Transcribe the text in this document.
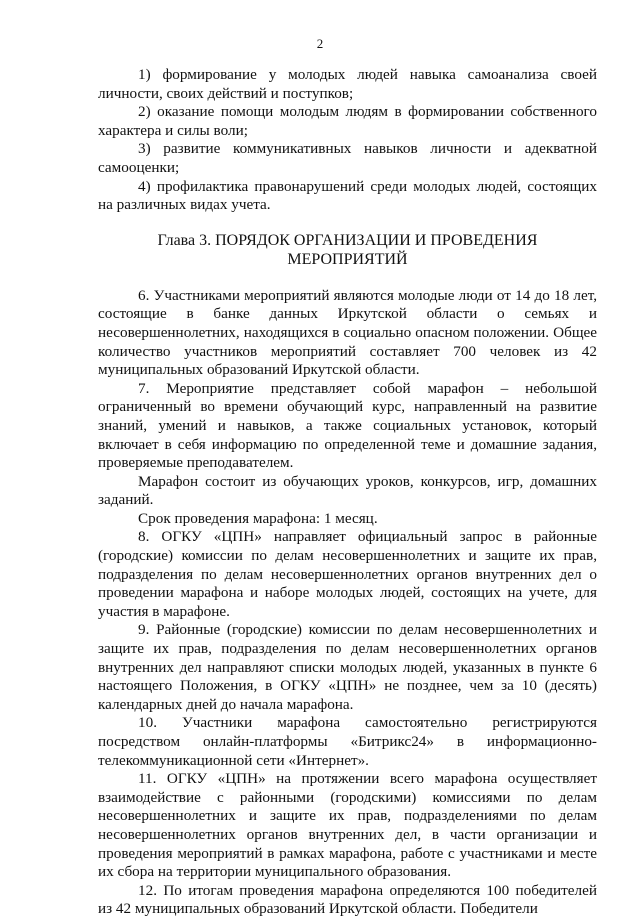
2

1) формирование у молодых людей навыка самоанализа своей личности, своих действий и поступков;

2) оказание помощи молодым людям в формировании собственного характера и силы воли;

3) развитие коммуникативных навыков личности и адекватной самооценки;

4) профилактика правонарушений среди молодых людей, состоящих на различных видах учета.

Глава 3. ПОРЯДОК ОРГАНИЗАЦИИ И ПРОВЕДЕНИЯ МЕРОПРИЯТИЙ

6. Участниками мероприятий являются молодые люди от 14 до 18 лет, состоящие в банке данных Иркутской области о семьях и несовершеннолетних, находящихся в социально опасном положении. Общее количество участников мероприятий составляет 700 человек из 42 муниципальных образований Иркутской области.

7. Мероприятие представляет собой марафон – небольшой ограниченный во времени обучающий курс, направленный на развитие знаний, умений и навыков, а также социальных установок, который включает в себя информацию по определенной теме и домашние задания, проверяемые преподавателем.

Марафон состоит из обучающих уроков, конкурсов, игр, домашних заданий.

Срок проведения марафона: 1 месяц.

8. ОГКУ «ЦПН» направляет официальный запрос в районные (городские) комиссии по делам несовершеннолетних и защите их прав, подразделения по делам несовершеннолетних органов внутренних дел о проведении марафона и наборе молодых людей, состоящих на учете, для участия в марафоне.

9. Районные (городские) комиссии по делам несовершеннолетних и защите их прав, подразделения по делам несовершеннолетних органов внутренних дел направляют списки молодых людей, указанных в пункте 6 настоящего Положения, в ОГКУ «ЦПН» не позднее, чем за 10 (десять) календарных дней до начала марафона.

10. Участники марафона самостоятельно регистрируются посредством онлайн-платформы «Битрикс24» в информационно-телекоммуникационной сети «Интернет».

11. ОГКУ «ЦПН» на протяжении всего марафона осуществляет взаимодействие с районными (городскими) комиссиями по делам несовершеннолетних и защите их прав, подразделениями по делам несовершеннолетних органов внутренних дел, в части организации и проведения мероприятий в рамках марафона, работе с участниками и месте их сбора на территории муниципального образования.

12. По итогам проведения марафона определяются 100 победителей из 42 муниципальных образований Иркутской области. Победители
